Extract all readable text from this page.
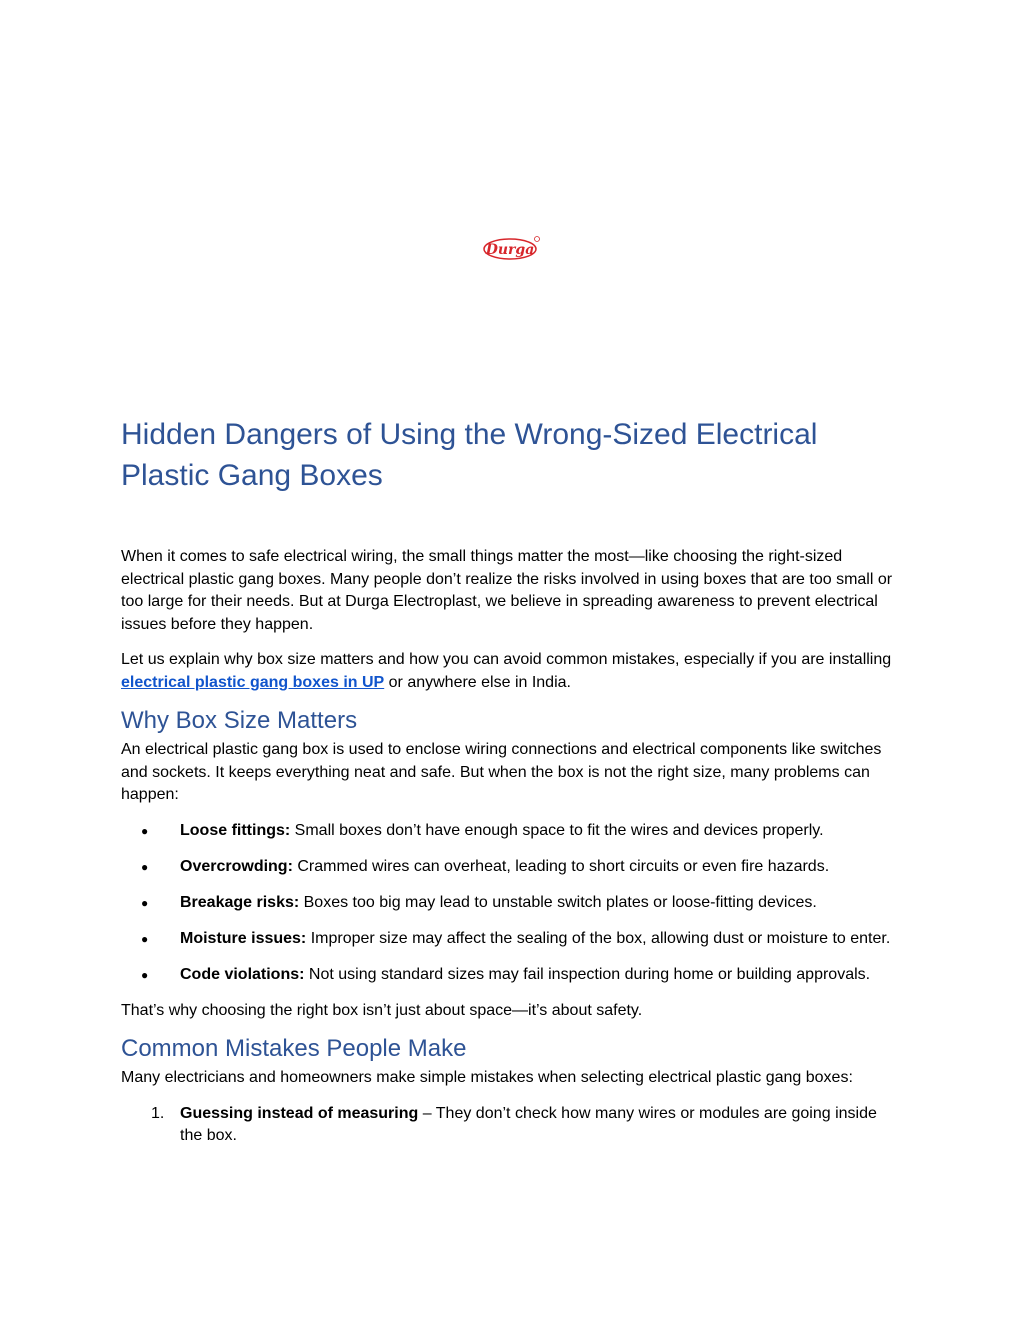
Durga
Hidden Dangers of Using the Wrong-Sized Electrical Plastic Gang Boxes

When it comes to safe electrical wiring, the small things matter the most—like choosing the right-sized electrical plastic gang boxes. Many people don’t realize the risks involved in using boxes that are too small or too large for their needs. But at Durga Electroplast, we believe in spreading awareness to prevent electrical issues before they happen.

Let us explain why box size matters and how you can avoid common mistakes, especially if you are installing electrical plastic gang boxes in UP or anywhere else in India.

Why Box Size Matters

An electrical plastic gang box is used to enclose wiring connections and electrical components like switches and sockets. It keeps everything neat and safe. But when the box is not the right size, many problems can happen:

● Loose fittings: Small boxes don’t have enough space to fit the wires and devices properly.
● Overcrowding: Crammed wires can overheat, leading to short circuits or even fire hazards.
● Breakage risks: Boxes too big may lead to unstable switch plates or loose-fitting devices.
● Moisture issues: Improper size may affect the sealing of the box, allowing dust or moisture to enter.
● Code violations: Not using standard sizes may fail inspection during home or building approvals.

That’s why choosing the right box isn’t just about space—it’s about safety.

Common Mistakes People Make

Many electricians and homeowners make simple mistakes when selecting electrical plastic gang boxes:

1. Guessing instead of measuring – They don’t check how many wires or modules are going inside the box.
